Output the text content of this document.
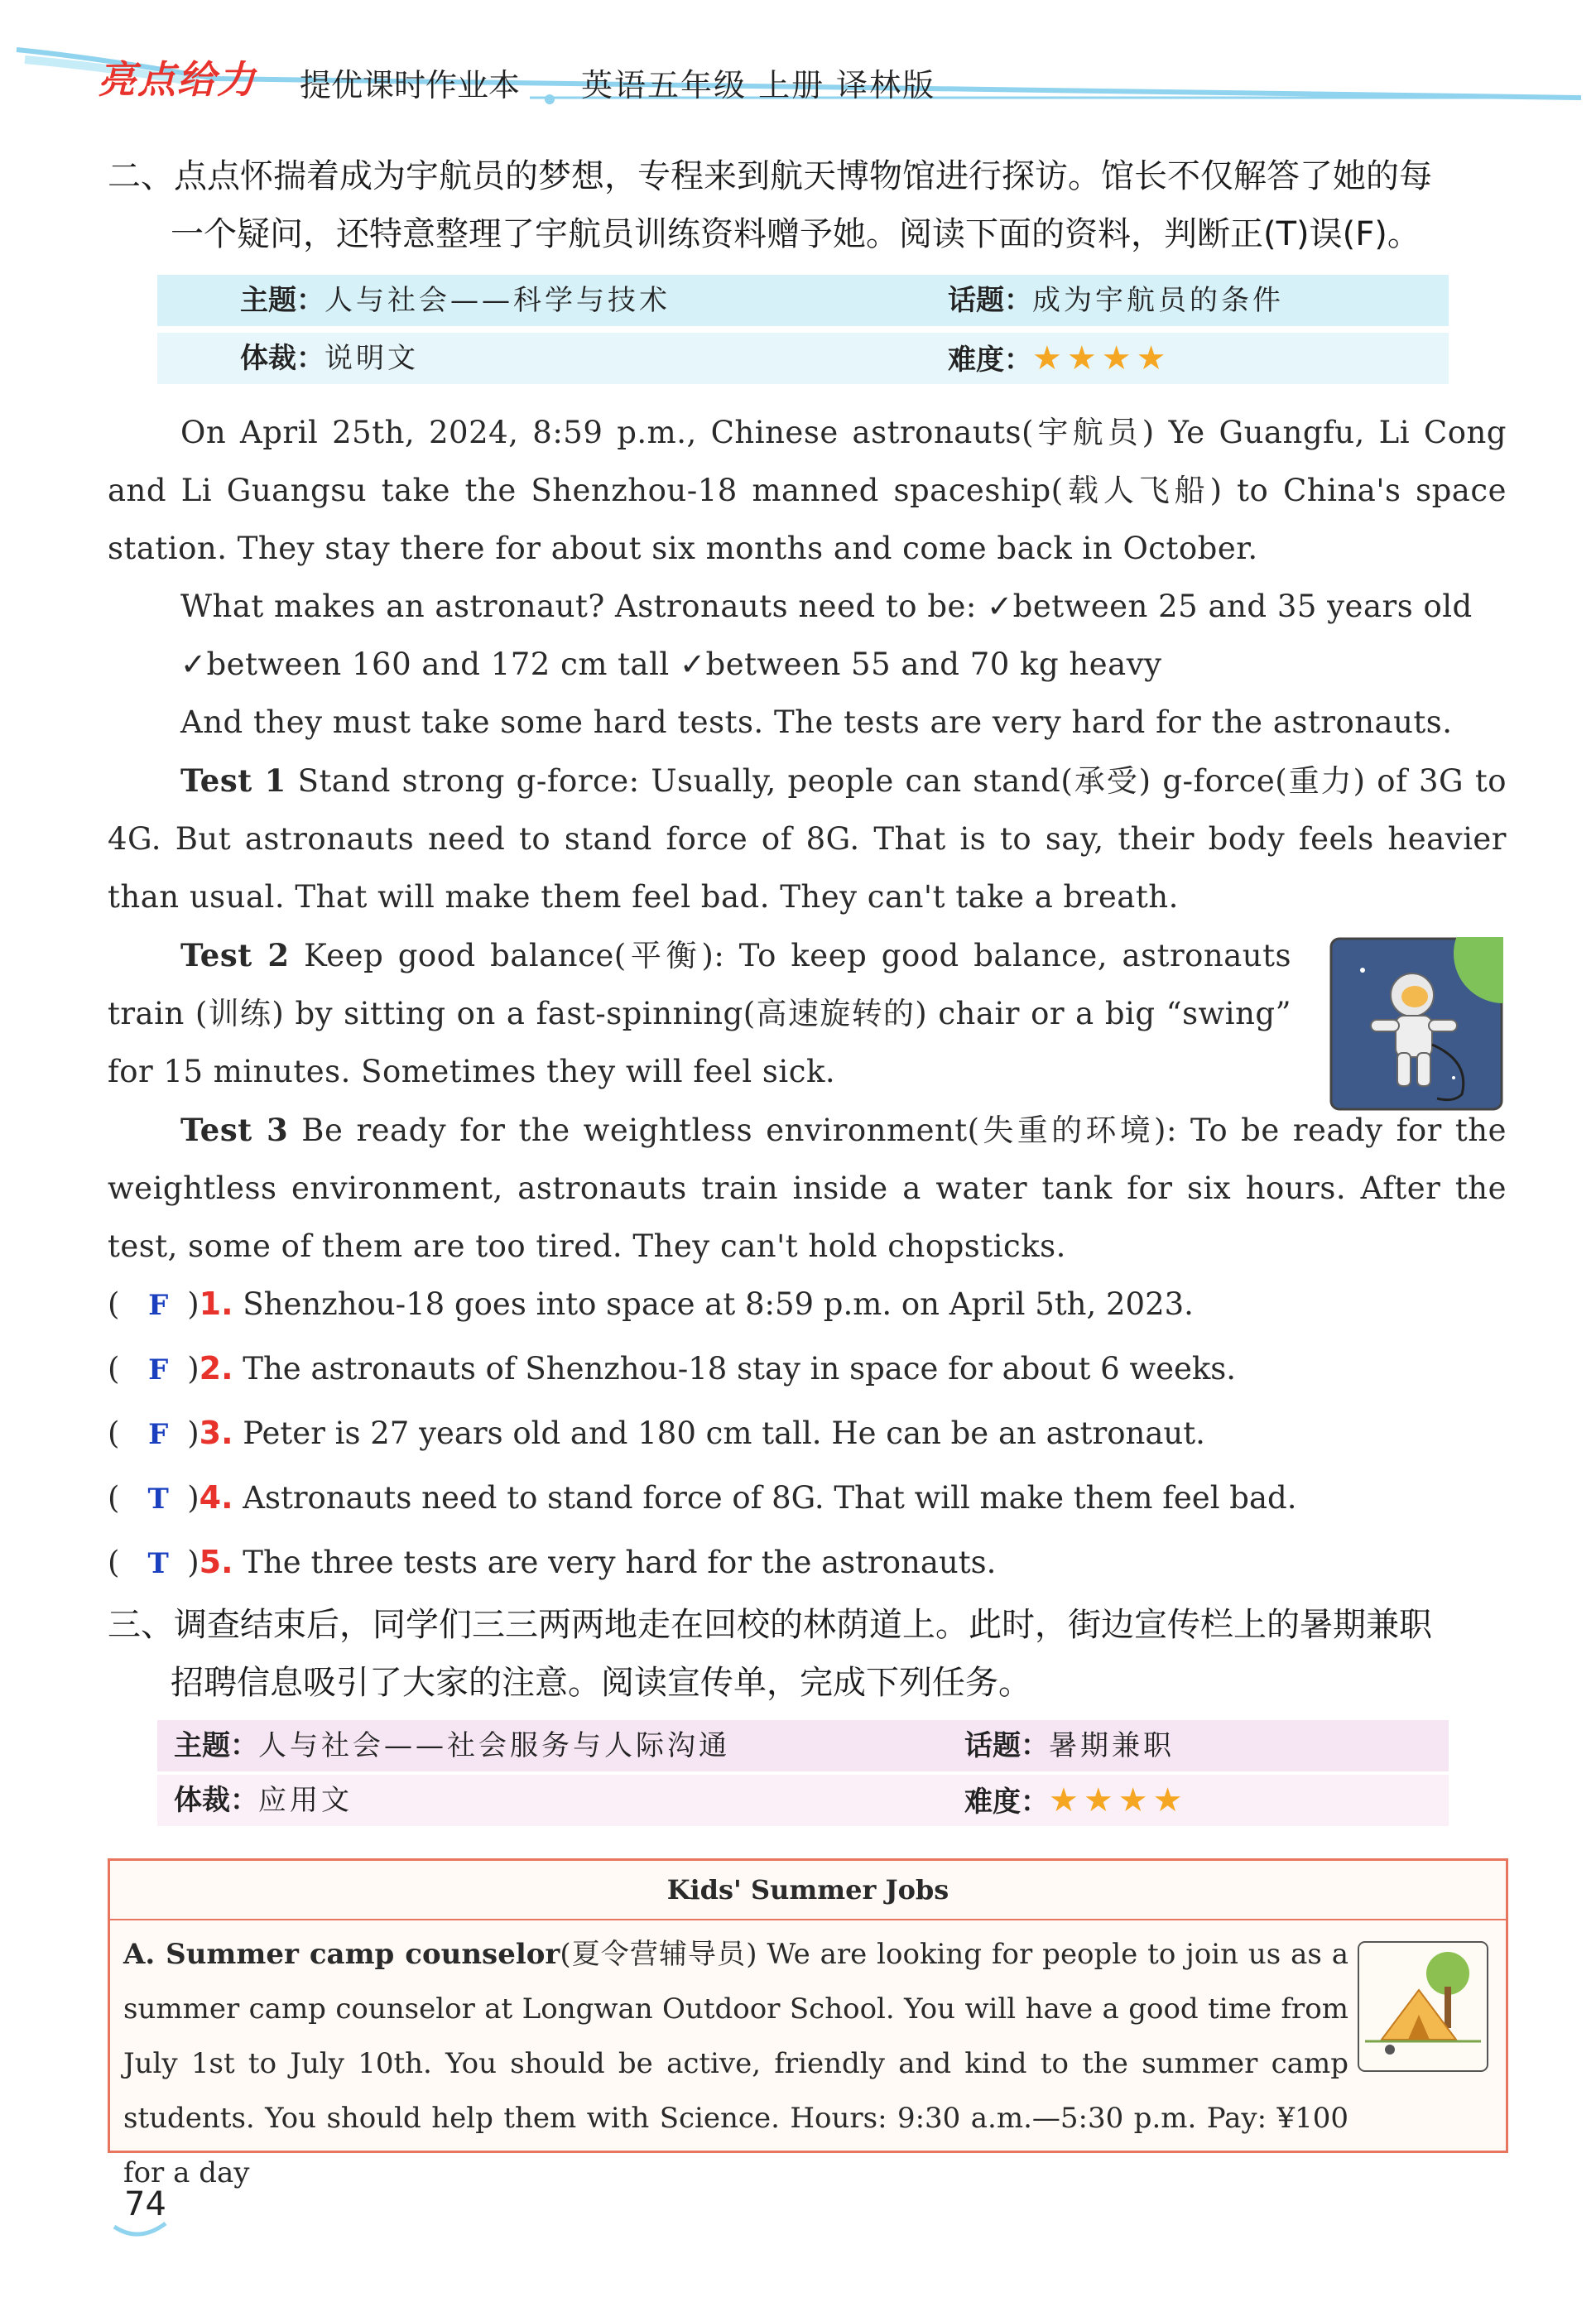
亮点给力 提优课时作业本 英语五年级 上册 译林版
二、点点怀揣着成为宇航员的梦想，专程来到航天博物馆进行探访。馆长不仅解答了她的每
一个疑问，还特意整理了宇航员训练资料赠予她。阅读下面的资料，判断正(T)误(F)。
主题：人与社会——科学与技术	话题：成为宇航员的条件
体裁：说明文	难度：★★★★

On April 25th, 2024, 8:59 p.m., Chinese astronauts(宇航员) Ye Guangfu, Li Cong and Li Guangsu take the Shenzhou-18 manned spaceship(载人飞船) to China's space station. They stay there for about six months and come back in October.

What makes an astronaut? Astronauts need to be: ✓between 25 and 35 years old

✓between 160 and 172 cm tall ✓between 55 and 70 kg heavy

And they must take some hard tests. The tests are very hard for the astronauts.

Test 1 Stand strong g-force: Usually, people can stand(承受) g-force(重力) of 3G to 4G. But astronauts need to stand force of 8G. That is to say, their body feels heavier than usual. That will make them feel bad. They can't take a breath.

Test 2 Keep good balance(平衡): To keep good balance, astronauts train (训练) by sitting on a fast-spinning(高速旋转的) chair or a big “swing” for 15 minutes. Sometimes they will feel sick.

Test 3 Be ready for the weightless environment(失重的环境): To be ready for the weightless environment, astronauts train inside a water tank for six hours. After the test, some of them are too tired. They can't hold chopsticks.

( F )1. Shenzhou-18 goes into space at 8:59 p.m. on April 5th, 2023.
( F )2. The astronauts of Shenzhou-18 stay in space for about 6 weeks.
( F )3. Peter is 27 years old and 180 cm tall. He can be an astronaut.
( T )4. Astronauts need to stand force of 8G. That will make them feel bad.
( T )5. The three tests are very hard for the astronauts.
三、调查结束后，同学们三三两两地走在回校的林荫道上。此时，街边宣传栏上的暑期兼职
招聘信息吸引了大家的注意。阅读宣传单，完成下列任务。
主题：人与社会——社会服务与人际沟通	话题：暑期兼职
体裁：应用文	难度：★★★★
Kids' Summer Jobs
A. Summer camp counselor(夏令营辅导员) We are looking for people to join us as a summer camp counselor at Longwan Outdoor School. You will have a good time from July 1st to July 10th. You should be active, friendly and kind to the summer camp students. You should help them with Science. Hours: 9:30 a.m.—5:30 p.m. Pay: ¥100 for a day
74
